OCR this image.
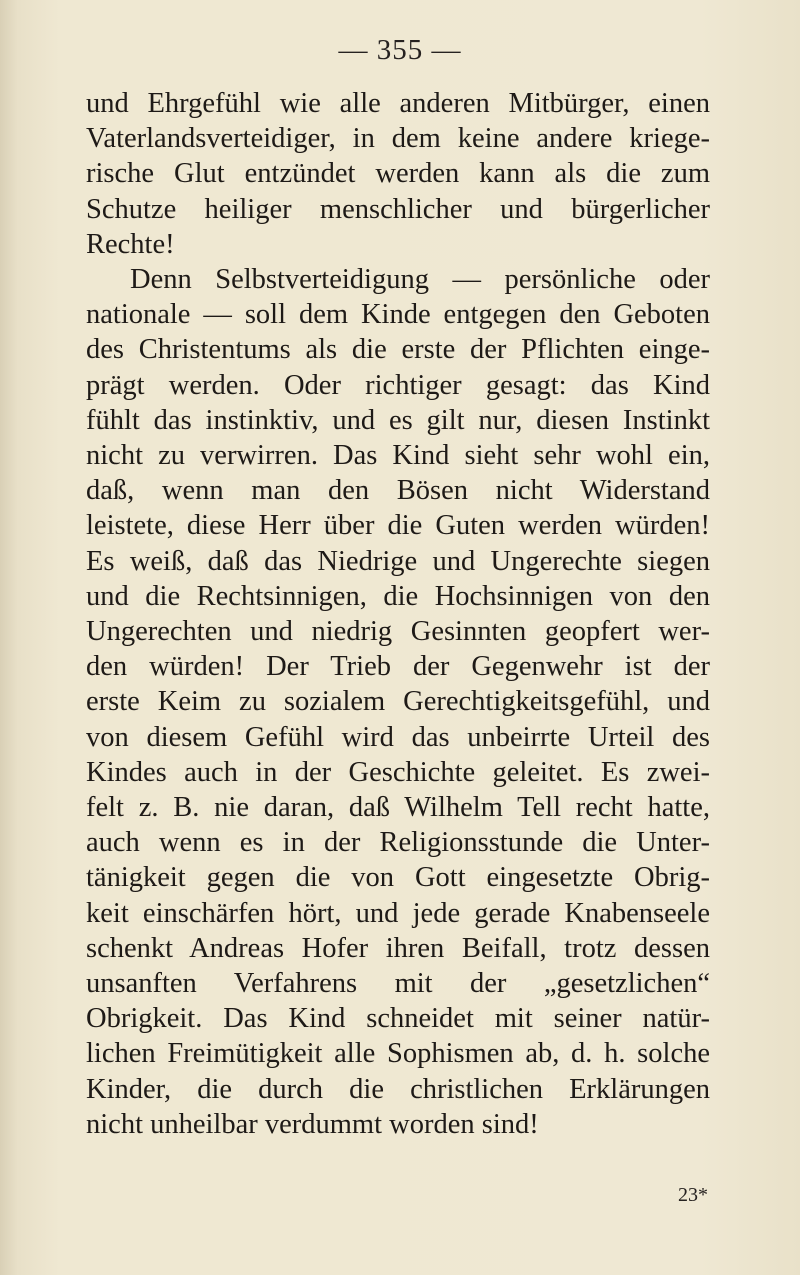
— 355 —

und Ehrgefühl wie alle anderen Mitbürger, einen
Vaterlandsverteidiger, in dem keine andere kriege-
rische Glut entzündet werden kann als die zum
Schutze heiliger menschlicher und bürgerlicher
Rechte!

Denn Selbstverteidigung — persönliche oder
nationale — soll dem Kinde entgegen den Geboten
des Christentums als die erste der Pflichten einge-
prägt werden. Oder richtiger gesagt: das Kind
fühlt das instinktiv, und es gilt nur, diesen Instinkt
nicht zu verwirren. Das Kind sieht sehr wohl ein,
daß, wenn man den Bösen nicht Widerstand
leistete, diese Herr über die Guten werden würden!
Es weiß, daß das Niedrige und Ungerechte siegen
und die Rechtsinnigen, die Hochsinnigen von den
Ungerechten und niedrig Gesinnten geopfert wer-
den würden! Der Trieb der Gegenwehr ist der
erste Keim zu sozialem Gerechtigkeitsgefühl, und
von diesem Gefühl wird das unbeirrte Urteil des
Kindes auch in der Geschichte geleitet. Es zwei-
felt z. B. nie daran, daß Wilhelm Tell recht hatte,
auch wenn es in der Religionsstunde die Unter-
tänigkeit gegen die von Gott eingesetzte Obrig-
keit einschärfen hört, und jede gerade Knabenseele
schenkt Andreas Hofer ihren Beifall, trotz dessen
unsanften Verfahrens mit der „gesetzlichen“
Obrigkeit. Das Kind schneidet mit seiner natür-
lichen Freimütigkeit alle Sophismen ab, d. h. solche
Kinder, die durch die christlichen Erklärungen
nicht unheilbar verdummt worden sind!

23*
